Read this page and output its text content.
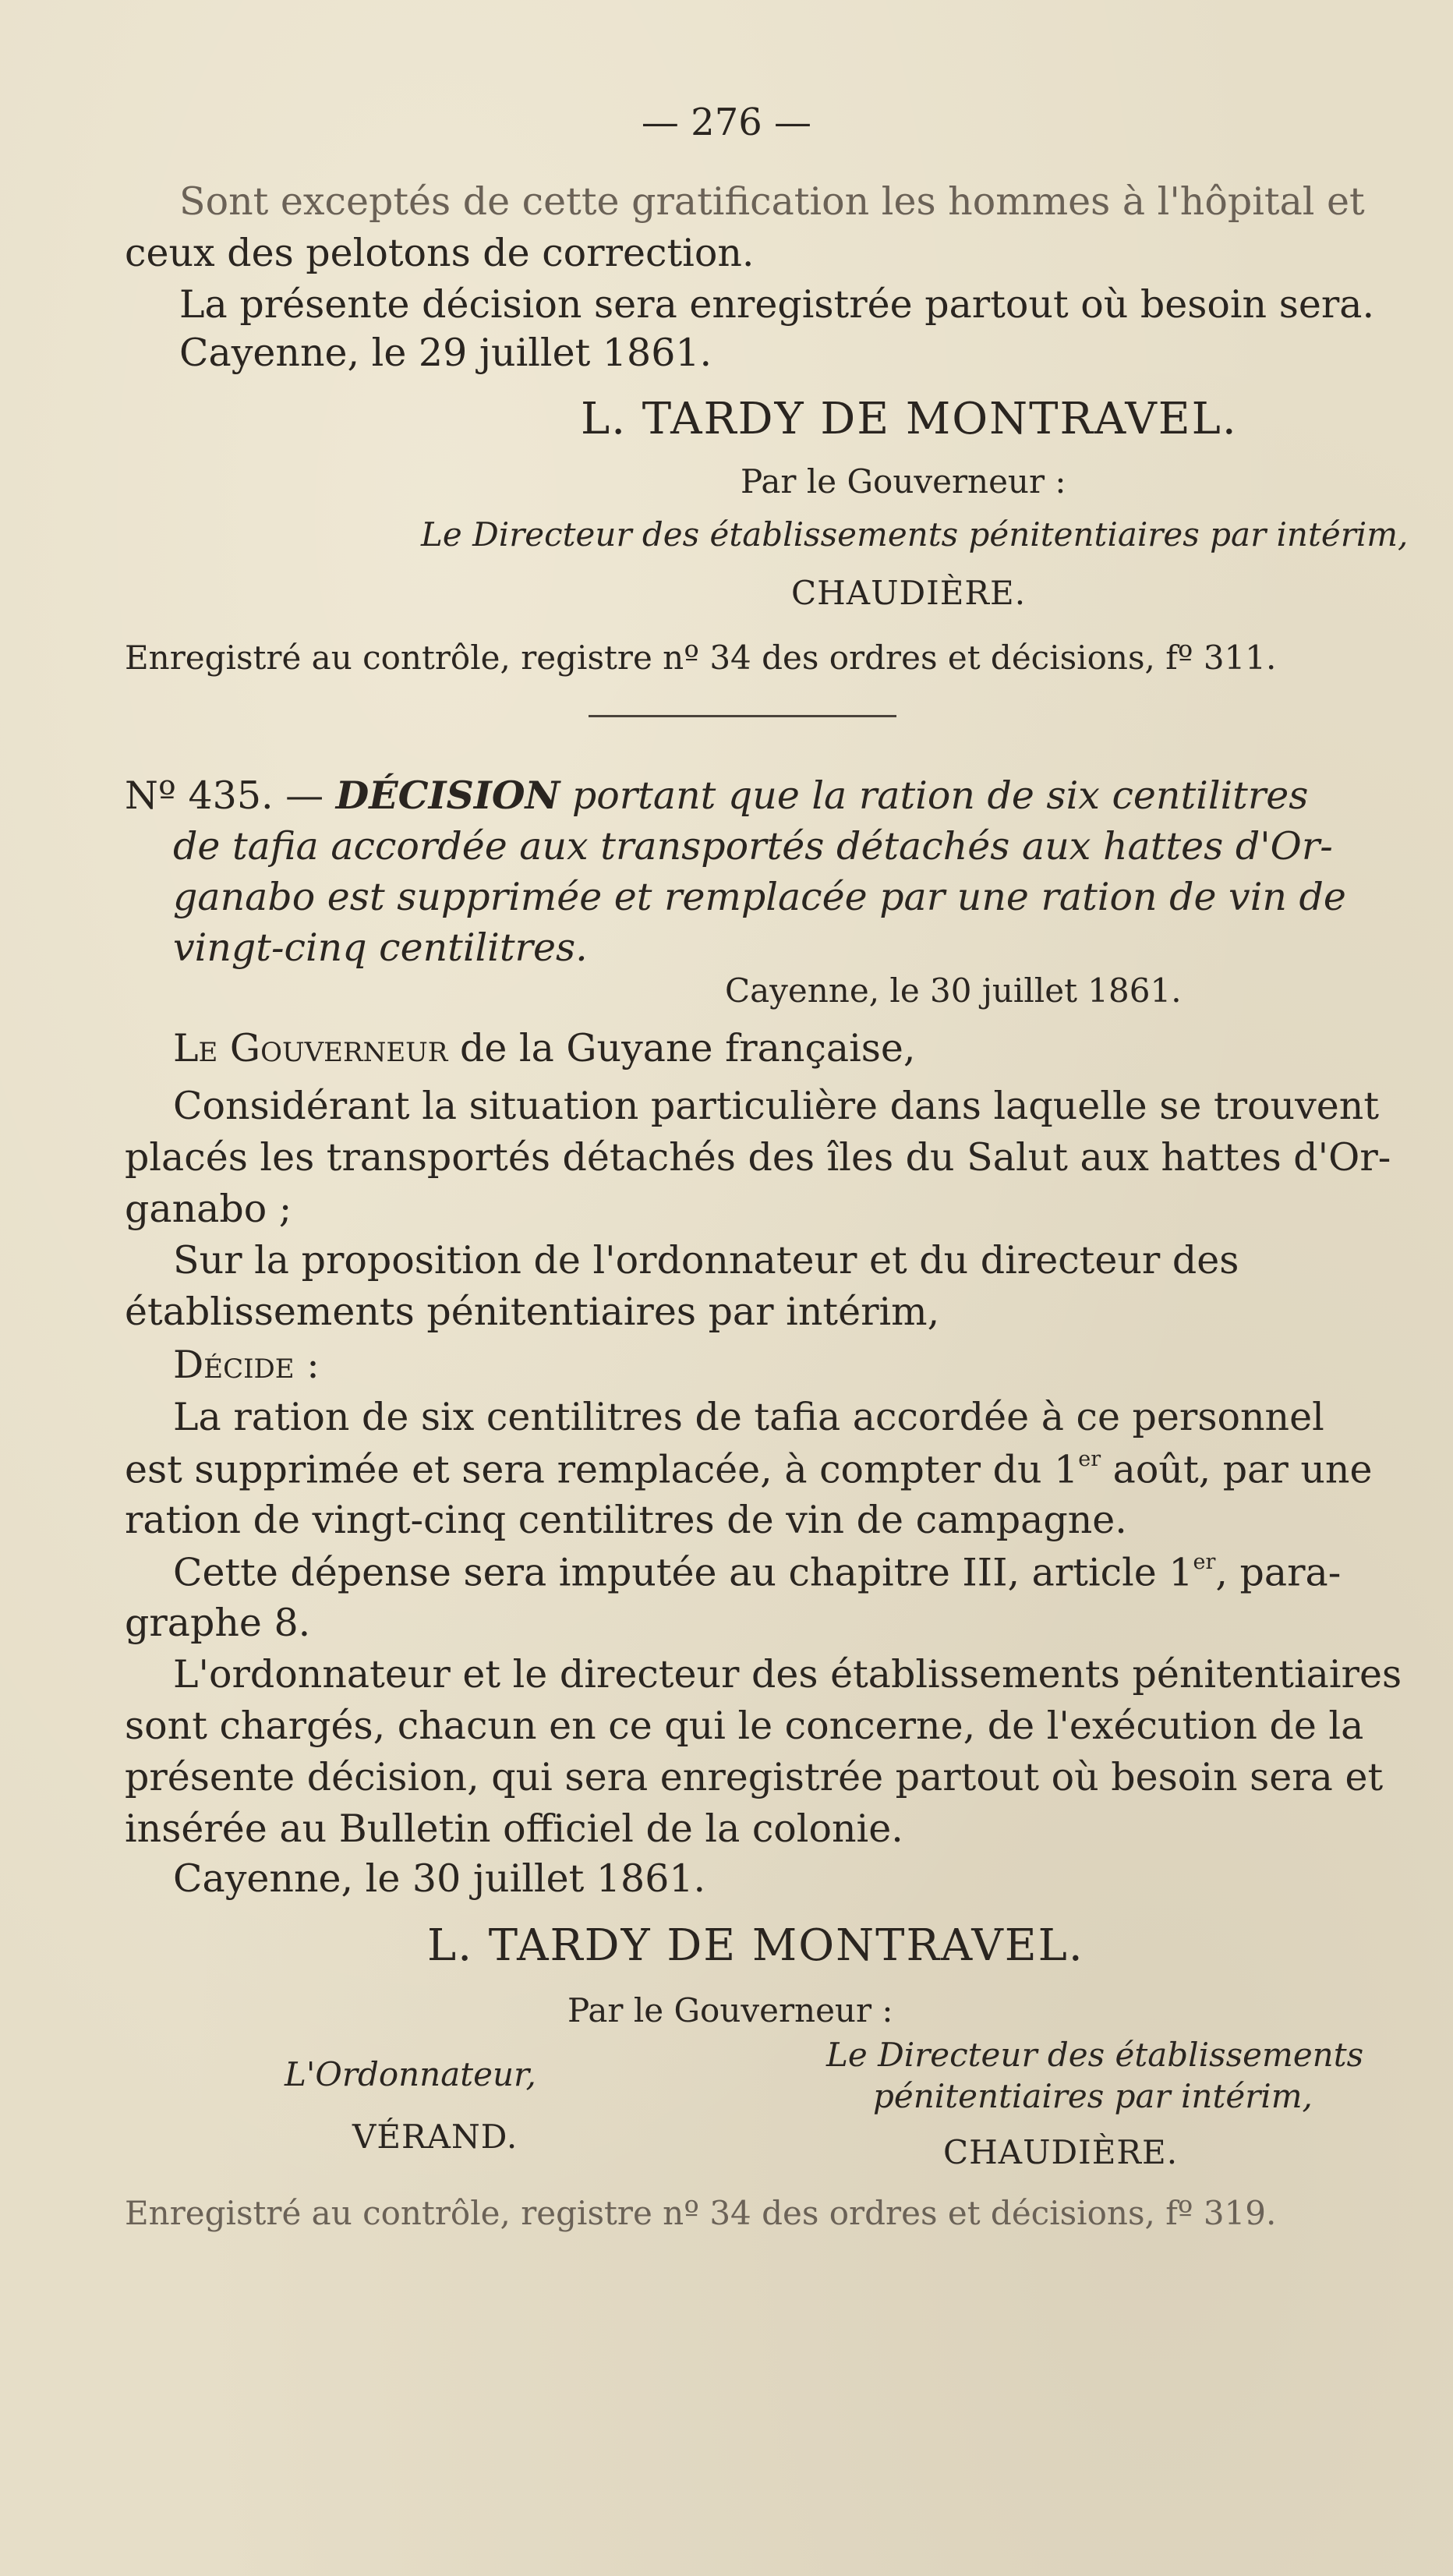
— 276 —
Sont exceptés de cette gratification les hommes à l'hôpital et
ceux des pelotons de correction.
La présente décision sera enregistrée partout où besoin sera.
Cayenne, le 29 juillet 1861.
L. TARDY DE MONTRAVEL.
Par le Gouverneur :
Le Directeur des établissements pénitentiaires par intérim,
CHAUDIÈRE.
Enregistré au contrôle, registre nº 34 des ordres et décisions, fº 311.
Nº 435. — DÉCISION portant que la ration de six centilitres
de tafia accordée aux transportés détachés aux hattes d'Or-
ganabo est supprimée et remplacée par une ration de vin de
vingt-cinq centilitres.
Cayenne, le 30 juillet 1861.
Le Gouverneur de la Guyane française,
Considérant la situation particulière dans laquelle se trouvent
placés les transportés détachés des îles du Salut aux hattes d'Or-
ganabo ;
Sur la proposition de l'ordonnateur et du directeur des
établissements pénitentiaires par intérim,
Décide :
La ration de six centilitres de tafia accordée à ce personnel
est supprimée et sera remplacée, à compter du 1er août, par une
ration de vingt-cinq centilitres de vin de campagne.
Cette dépense sera imputée au chapitre III, article 1er, para-
graphe 8.
L'ordonnateur et le directeur des établissements pénitentiaires
sont chargés, chacun en ce qui le concerne, de l'exécution de la
présente décision, qui sera enregistrée partout où besoin sera et
insérée au Bulletin officiel de la colonie.
Cayenne, le 30 juillet 1861.
L. TARDY DE MONTRAVEL.
Par le Gouverneur :
L'Ordonnateur,
VÉRAND.
Le Directeur des établissements
pénitentiaires par intérim,
CHAUDIÈRE.
Enregistré au contrôle, registre nº 34 des ordres et décisions, fº 319.
